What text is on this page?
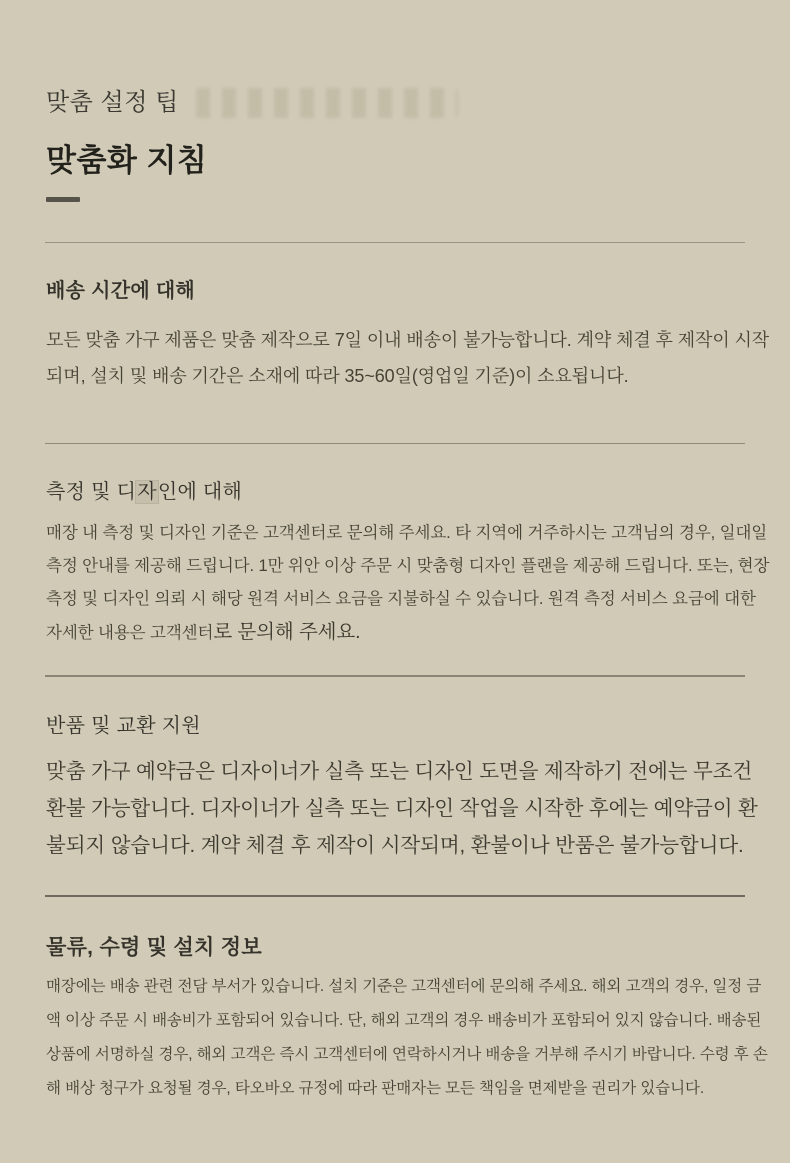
맞춤 설정 팁
맞춤화 지침
배송 시간에 대해

모든 맞춤 가구 제품은 맞춤 제작으로 7일 이내 배송이 불가능합니다. 계약 체결 후 제작이 시작되며, 설치 및 배송 기간은 소재에 따라 35~60일(영업일 기준)이 소요됩니다.

측정 및 디자인에 대해

매장 내 측정 및 디자인 기준은 고객센터로 문의해 주세요. 타 지역에 거주하시는 고객님의 경우, 일대일 측정 안내를 제공해 드립니다. 1만 위안 이상 주문 시 맞춤형 디자인 플랜을 제공해 드립니다. 또는, 현장 측정 및 디자인 의뢰 시 해당 원격 서비스 요금을 지불하실 수 있습니다. 원격 측정 서비스 요금에 대한 자세한 내용은 고객센터로 문의해 주세요.

반품 및 교환 지원

맞춤 가구 예약금은 디자이너가 실측 또는 디자인 도면을 제작하기 전에는 무조건 환불 가능합니다. 디자이너가 실측 또는 디자인 작업을 시작한 후에는 예약금이 환불되지 않습니다. 계약 체결 후 제작이 시작되며, 환불이나 반품은 불가능합니다.

물류, 수령 및 설치 정보

매장에는 배송 관련 전담 부서가 있습니다. 설치 기준은 고객센터에 문의해 주세요. 해외 고객의 경우, 일정 금액 이상 주문 시 배송비가 포함되어 있습니다. 단, 해외 고객의 경우 배송비가 포함되어 있지 않습니다. 배송된 상품에 서명하실 경우, 해외 고객은 즉시 고객센터에 연락하시거나 배송을 거부해 주시기 바랍니다. 수령 후 손해 배상 청구가 요청될 경우, 타오바오 규정에 따라 판매자는 모든 책임을 면제받을 권리가 있습니다.
